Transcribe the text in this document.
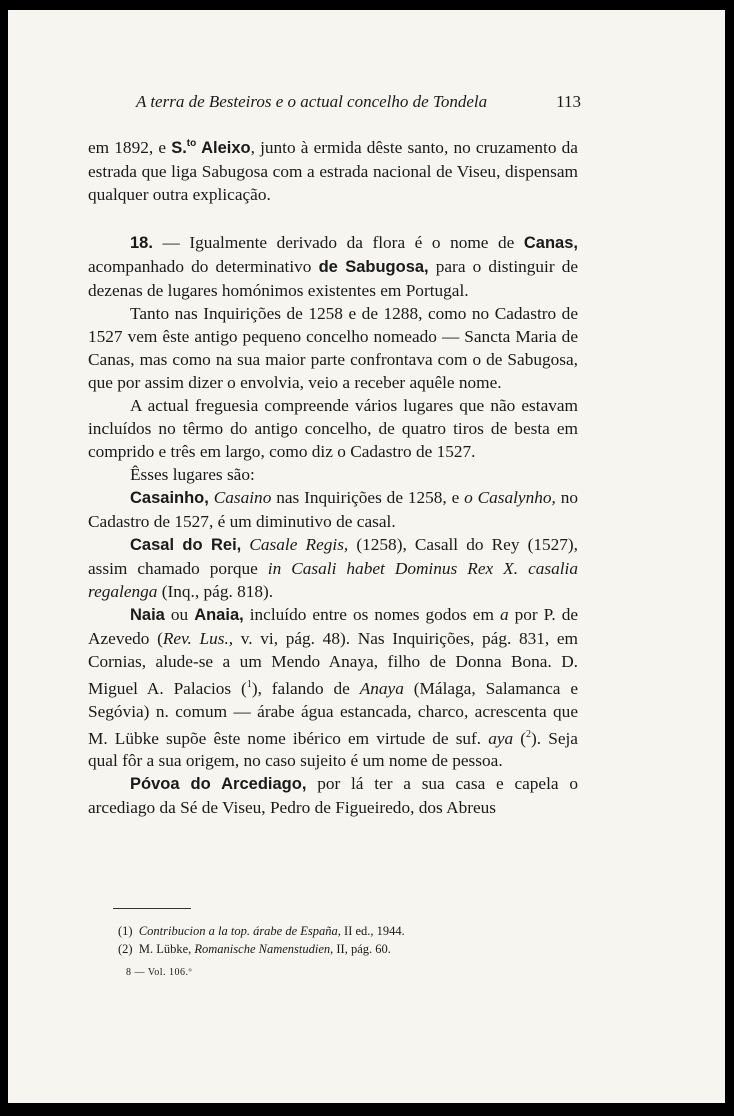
A terra de Besteiros e o actual concelho de Tondela	113

em 1892, e S.$^{to}$ Aleixo, junto à ermida dêste santo, no cruzamento da estrada que liga Sabugosa com a estrada nacional de Viseu, dispensam qualquer outra explicação.

18. — Igualmente derivado da flora é o nome de Canas, acompanhado do determinativo de Sabugosa, para o distinguir de dezenas de lugares homónimos existentes em Portugal.

Tanto nas Inquirições de 1258 e de 1288, como no Cadastro de 1527 vem êste antigo pequeno concelho nomeado — Sancta Maria de Canas, mas como na sua maior parte confrontava com o de Sabugosa, que por assim dizer o envolvia, veio a receber aquêle nome.

A actual freguesia compreende vários lugares que não estavam incluídos no têrmo do antigo concelho, de quatro tiros de besta em comprido e três em largo, como diz o Cadastro de 1527.

Êsses lugares são:

Casainho, Casaino nas Inquirições de 1258, e o Casalynho, no Cadastro de 1527, é um diminutivo de casal.

Casal do Rei, Casale Regis, (1258), Casall do Rey (1527), assim chamado porque in Casali habet Dominus Rex X. casalia regalenga (Inq., pág. 818).

Naia ou Anaia, incluído entre os nomes godos em a por P. de Azevedo (Rev. Lus., v. vi, pág. 48). Nas Inquirições, pág. 831, em Cornias, alude-se a um Mendo Anaya, filho de Donna Bona. D. Miguel A. Palacios ($^1$), falando de Anaya (Málaga, Salamanca e Segóvia) n. comum — árabe água estancada, charco, acrescenta que M. Lübke supõe êste nome ibérico em virtude de suf. aya ($^2$). Seja qual fôr a sua origem, no caso sujeito é um nome de pessoa.

Póvoa do Arcediago, por lá ter a sua casa e capela o arcediago da Sé de Viseu, Pedro de Figueiredo, dos Abreus

(1) Contribucion a la top. árabe de España, II ed., 1944.
(2) M. Lübke, Romanische Namenstudien, II, pág. 60.
8 — Vol. 106.º
